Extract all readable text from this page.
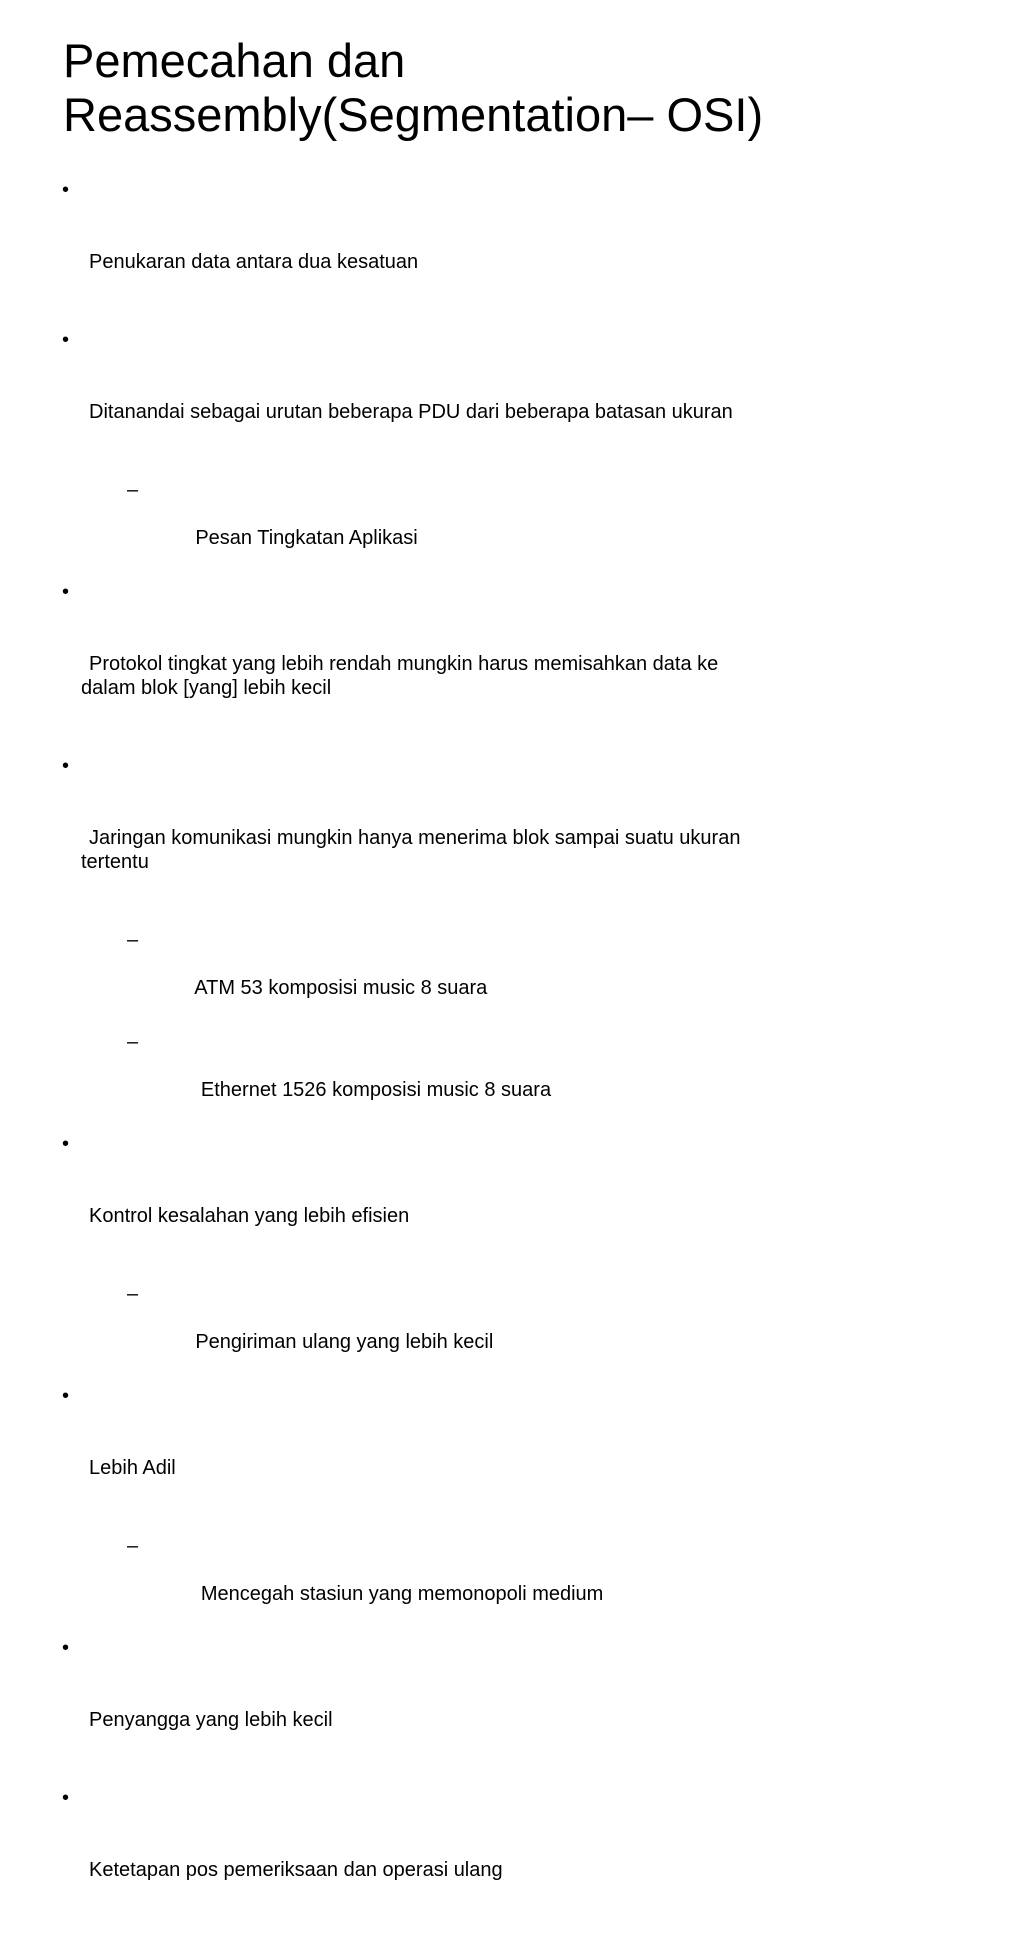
Pemecahan dan
Reassembly(Segmentation– OSI)

•

Penukaran data antara dua kesatuan

•

Ditanandai sebagai urutan beberapa PDU dari beberapa batasan ukuran

–

Pesan Tingkatan Aplikasi

•

Protokol tingkat yang lebih rendah mungkin harus memisahkan data ke
dalam blok [yang] lebih kecil

•

Jaringan komunikasi mungkin hanya menerima blok sampai suatu ukuran
tertentu

–

ATM 53 komposisi music 8 suara

–

Ethernet 1526 komposisi music 8 suara

•

Kontrol kesalahan yang lebih efisien

–

Pengiriman ulang yang lebih kecil

•

Lebih Adil

–

Mencegah stasiun yang memonopoli medium

•

Penyangga yang lebih kecil

•

Ketetapan pos pemeriksaan dan operasi ulang
